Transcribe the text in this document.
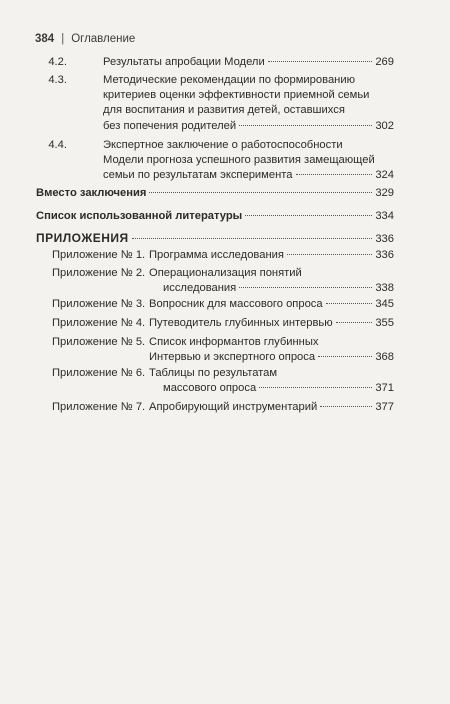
384 | Оглавление
4.2.	Результаты апробации Модели	269
4.3.	Методические рекомендации по формированию
критериев оценки эффективности приемной семьи
для воспитания и развития детей, оставшихся
без попечения родителей	302
4.4.	Экспертное заключение о работоспособности
Модели прогноза успешного развития замещающей
семьи по результатам эксперимента	324
Вместо заключения	329
Список использованной литературы	334
ПРИЛОЖЕНИЯ	336
Приложение № 1. Программа исследования	336
Приложение № 2. Операционализация понятий
исследования	338
Приложение № 3. Вопросник для массового опроса	345
Приложение № 4. Путеводитель глубинных интервью	355
Приложение № 5. Список информантов глубинных
Интервью и экспертного опроса	368
Приложение № 6. Таблицы по результатам
массового опроса	371
Приложение № 7. Апробирующий инструментарий	377
